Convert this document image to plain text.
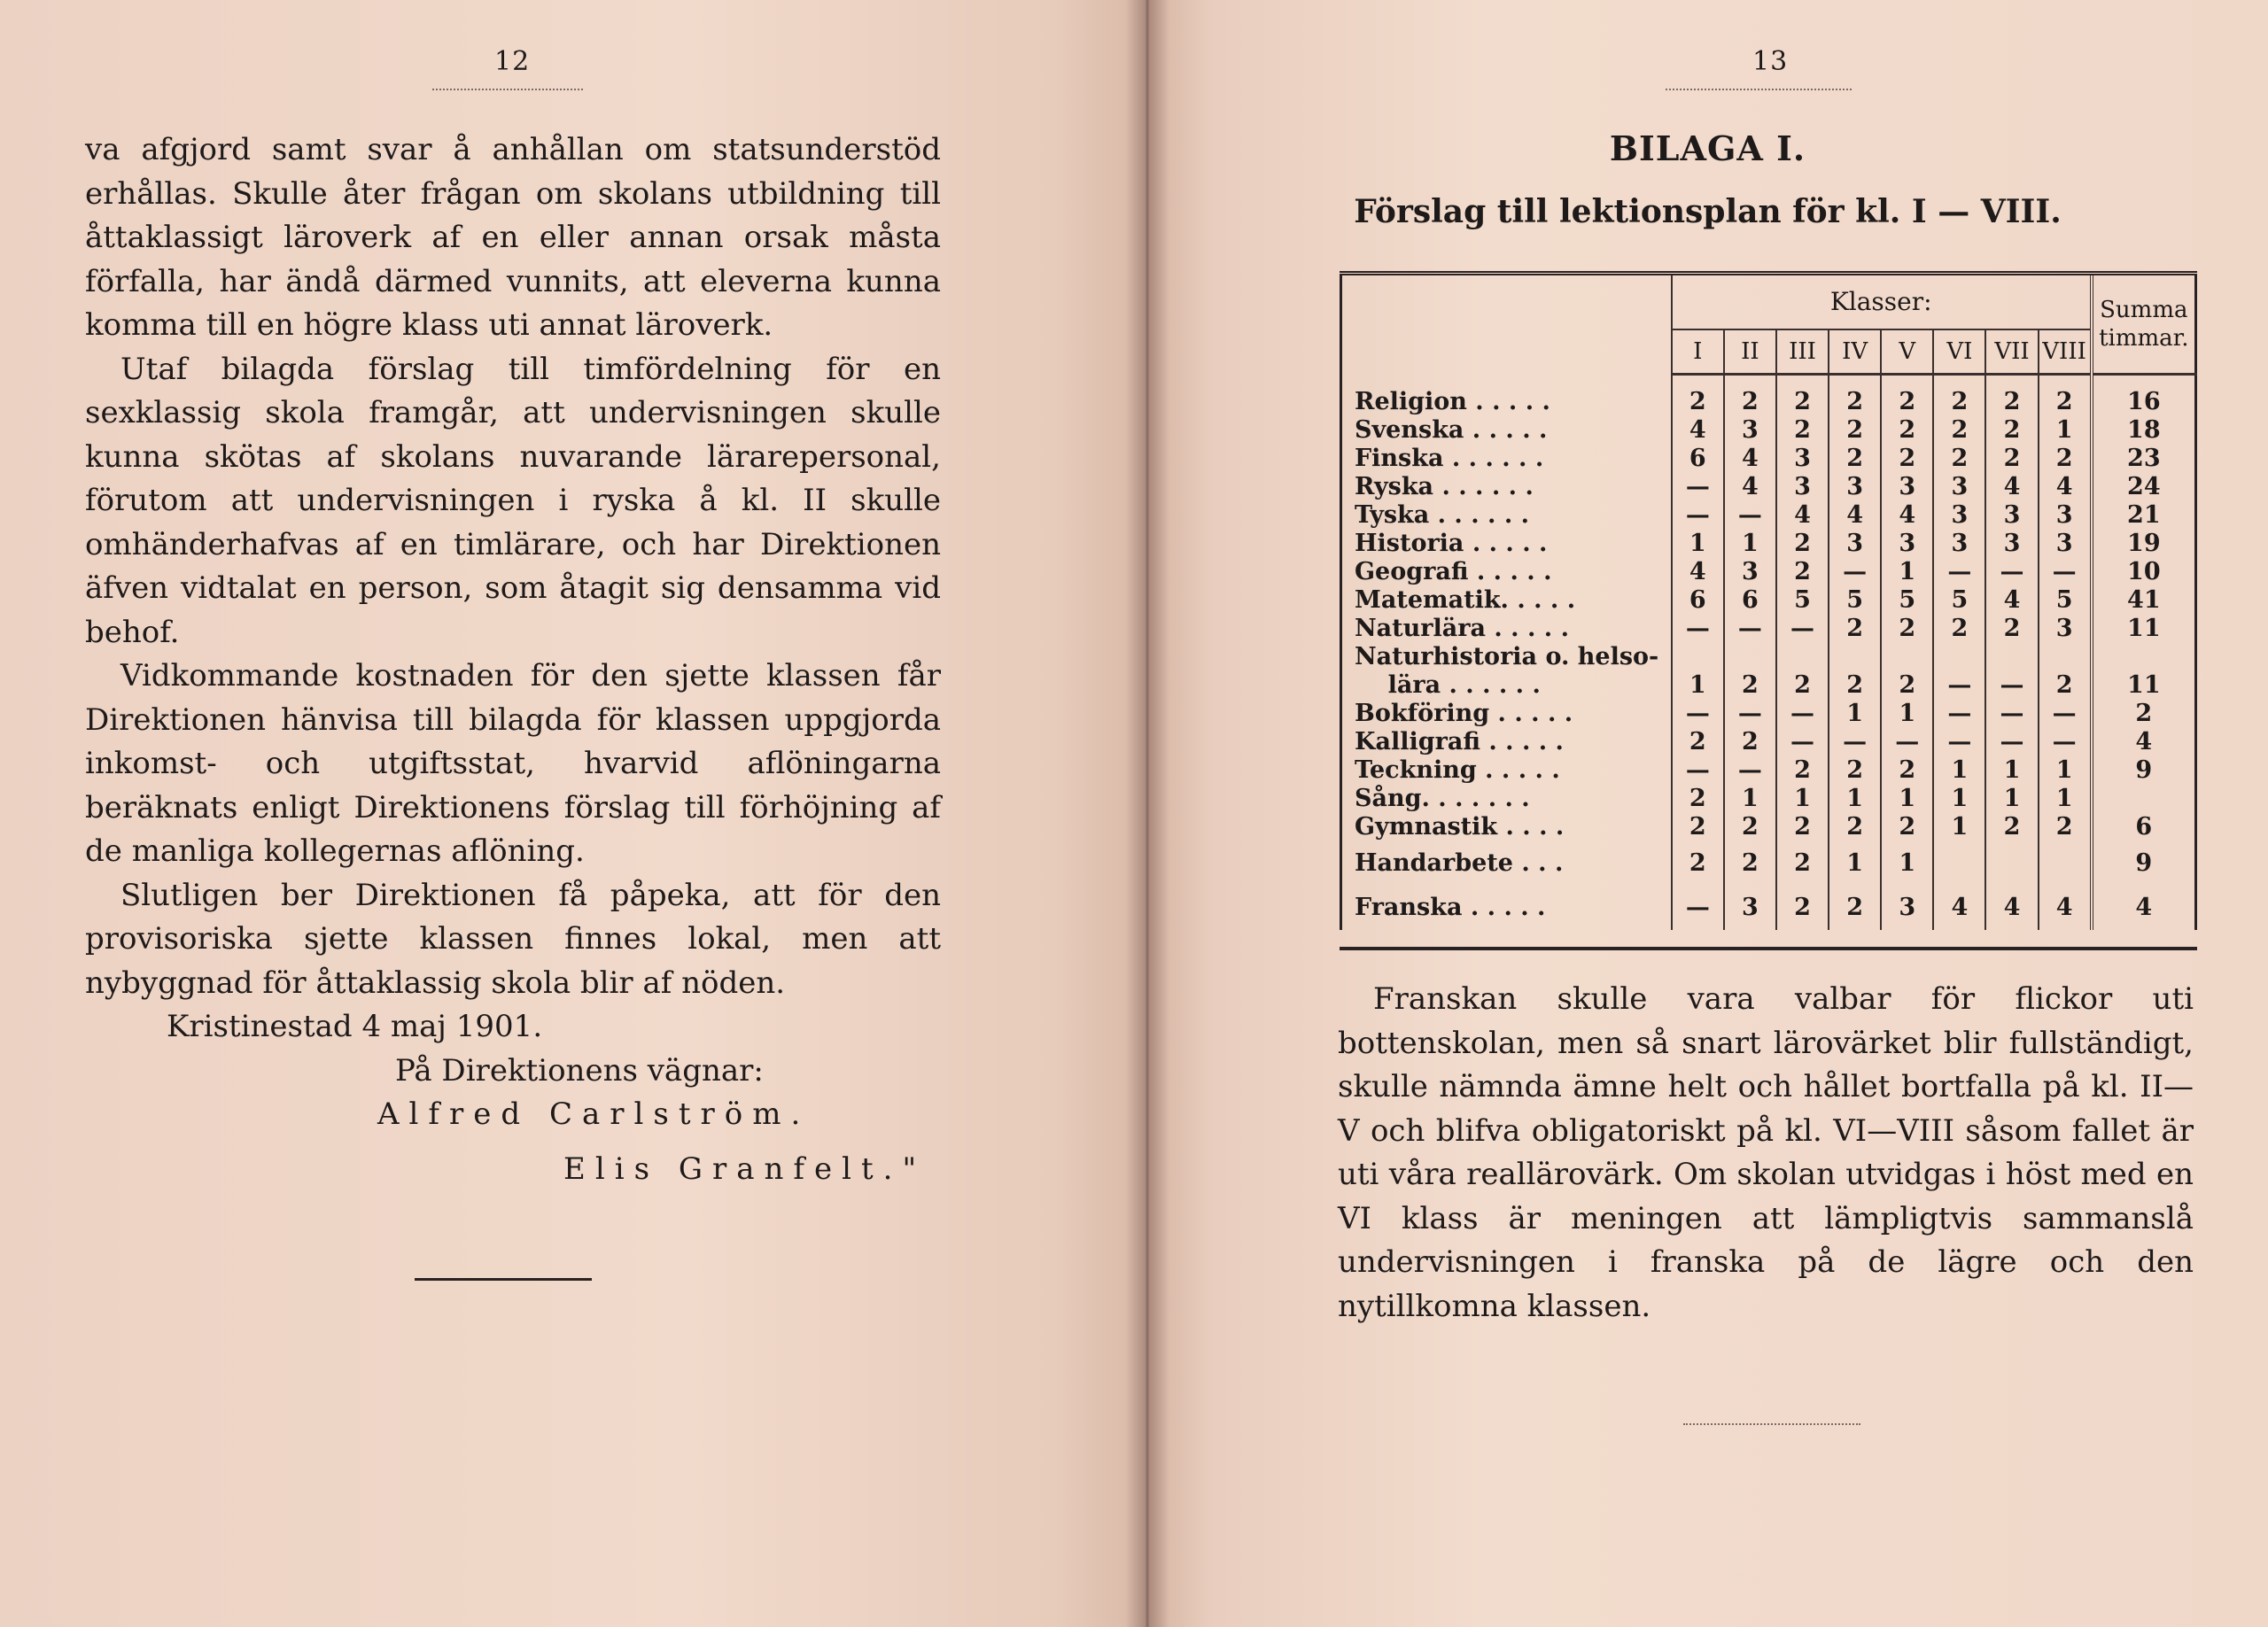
12

va afgjord samt svar å anhållan om statsunderstöd erhållas. Skulle åter frågan om skolans utbildning till åttaklassigt läroverk af en eller annan orsak måsta förfalla, har ändå därmed vunnits, att eleverna kunna komma till en högre klass uti annat läroverk.

Utaf bilagda förslag till timfördelning för en sexklassig skola framgår, att undervisningen skulle kunna skötas af skolans nuvarande lärarepersonal, förutom att undervisningen i ryska å kl. II skulle omhänderhafvas af en timlärare, och har Direktionen äfven vidtalat en person, som åtagit sig densamma vid behof.

Vidkommande kostnaden för den sjette klassen får Direktionen hänvisa till bilagda för klassen uppgjorda inkomst- och utgiftsstat, hvarvid aflöningarna beräknats enligt Direktionens förslag till förhöjning af de manliga kollegernas aflöning.

Slutligen ber Direktionen få påpeka, att för den provisoriska sjette klassen finnes lokal, men att nybyggnad för åttaklassig skola blir af nöden.

Kristinestad 4 maj 1901.

På Direktionens vägnar:

Alfred Carlström.

Elis Granfelt."

13
BILAGA I.
Förslag till lektionsplan för kl. I — VIII.
	Klasser:								Summa timmar.
	I	II	III	IV	V	VI	VII	VIII	

Religion . . . . .	2	2	2	2	2	2	2	2	16
Svenska . . . . .	4	3	2	2	2	2	2	1	18
Finska . . . . . .	6	4	3	2	2	2	2	2	23
Ryska . . . . . .	—	4	3	3	3	3	4	4	24
Tyska . . . . . .	—	—	4	4	4	3	3	3	21
Historia . . . . .	1	1	2	3	3	3	3	3	19
Geografi . . . . .	4	3	2	—	1	—	—	—	10
Matematik. . . . .	6	6	5	5	5	5	4	5	41
Naturlära . . . . .	—	—	—	2	2	2	2	3	11
Naturhistoria o. helso-									
lära . . . . . .	1	2	2	2	2	—	—	2	11
Bokföring . . . . .	—	—	—	1	1	—	—	—	2
Kalligrafi . . . . .	2	2	—	—	—	—	—	—	4
Teckning . . . . .	—	—	2	2	2	1	1	1	9
Sång. . . . . . .	2	1	1	1	1	1	1	1	
Gymnastik . . . .	2	2	2	2	2	1	2	2	6
Handarbete . . .	2	2	2	1	1				9
Franska . . . . .	—	3	2	2	3	4	4	4	4

Franskan skulle vara valbar för flickor uti bottenskolan, men så snart lärovärket blir fullständigt, skulle nämnda ämne helt och hållet bortfalla på kl. II—V och blifva obligatoriskt på kl. VI—VIII såsom fallet är uti våra reallärovärk. Om skolan utvidgas i höst med en VI klass är meningen att lämpligtvis sammanslå undervisningen i franska på de lägre och den nytillkomna klassen.
